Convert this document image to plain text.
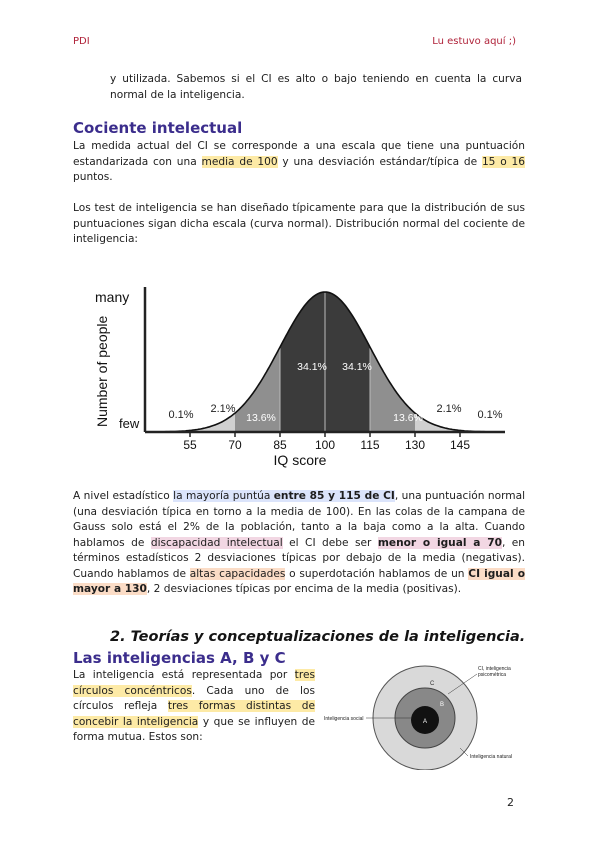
PDI	Lu estuvo aquí ;)
y utilizada. Sabemos si el CI es alto o bajo teniendo en cuenta la curva normal de la inteligencia.
Cociente intelectual
La medida actual del CI se corresponde a una escala que tiene una puntuación estandarizada con una media de 100 y una desviación estándar/típica de 15 o 16 puntos.
Los test de inteligencia se han diseñado típicamente para que la distribución de sus puntuaciones sigan dicha escala (curva normal). Distribución normal del cociente de inteligencia:
many
few
Number of people
55	70	85 100 115 130 145
IQ score
0.1% 2.1%
13.6%
34.1% 34.1%
13.6%
2.1% 0.1%
A nivel estadístico la mayoría puntúa entre 85 y 115 de CI, una puntuación normal (una desviación típica en torno a la media de 100). En las colas de la campana de Gauss solo está el 2% de la población, tanto a la baja como a la alta. Cuando hablamos de discapacidad intelectual el CI debe ser menor o igual a 70, en términos estadísticos 2 desviaciones típicas por debajo de la media (negativas). Cuando hablamos de altas capacidades o superdotación hablamos de un CI igual o mayor a 130, 2 desviaciones típicas por encima de la media (positivas).
2. Teorías y conceptualizaciones de la inteligencia.
Las inteligencias A, B y C
La inteligencia está representada por tres círculos concéntricos. Cada uno de los círculos refleja tres formas distintas de concebir la inteligencia y que se influyen de forma mutua. Estos son:
A
B
C
CI, inteligencia psicométrica
Inteligencia social
Inteligencia natural
2
